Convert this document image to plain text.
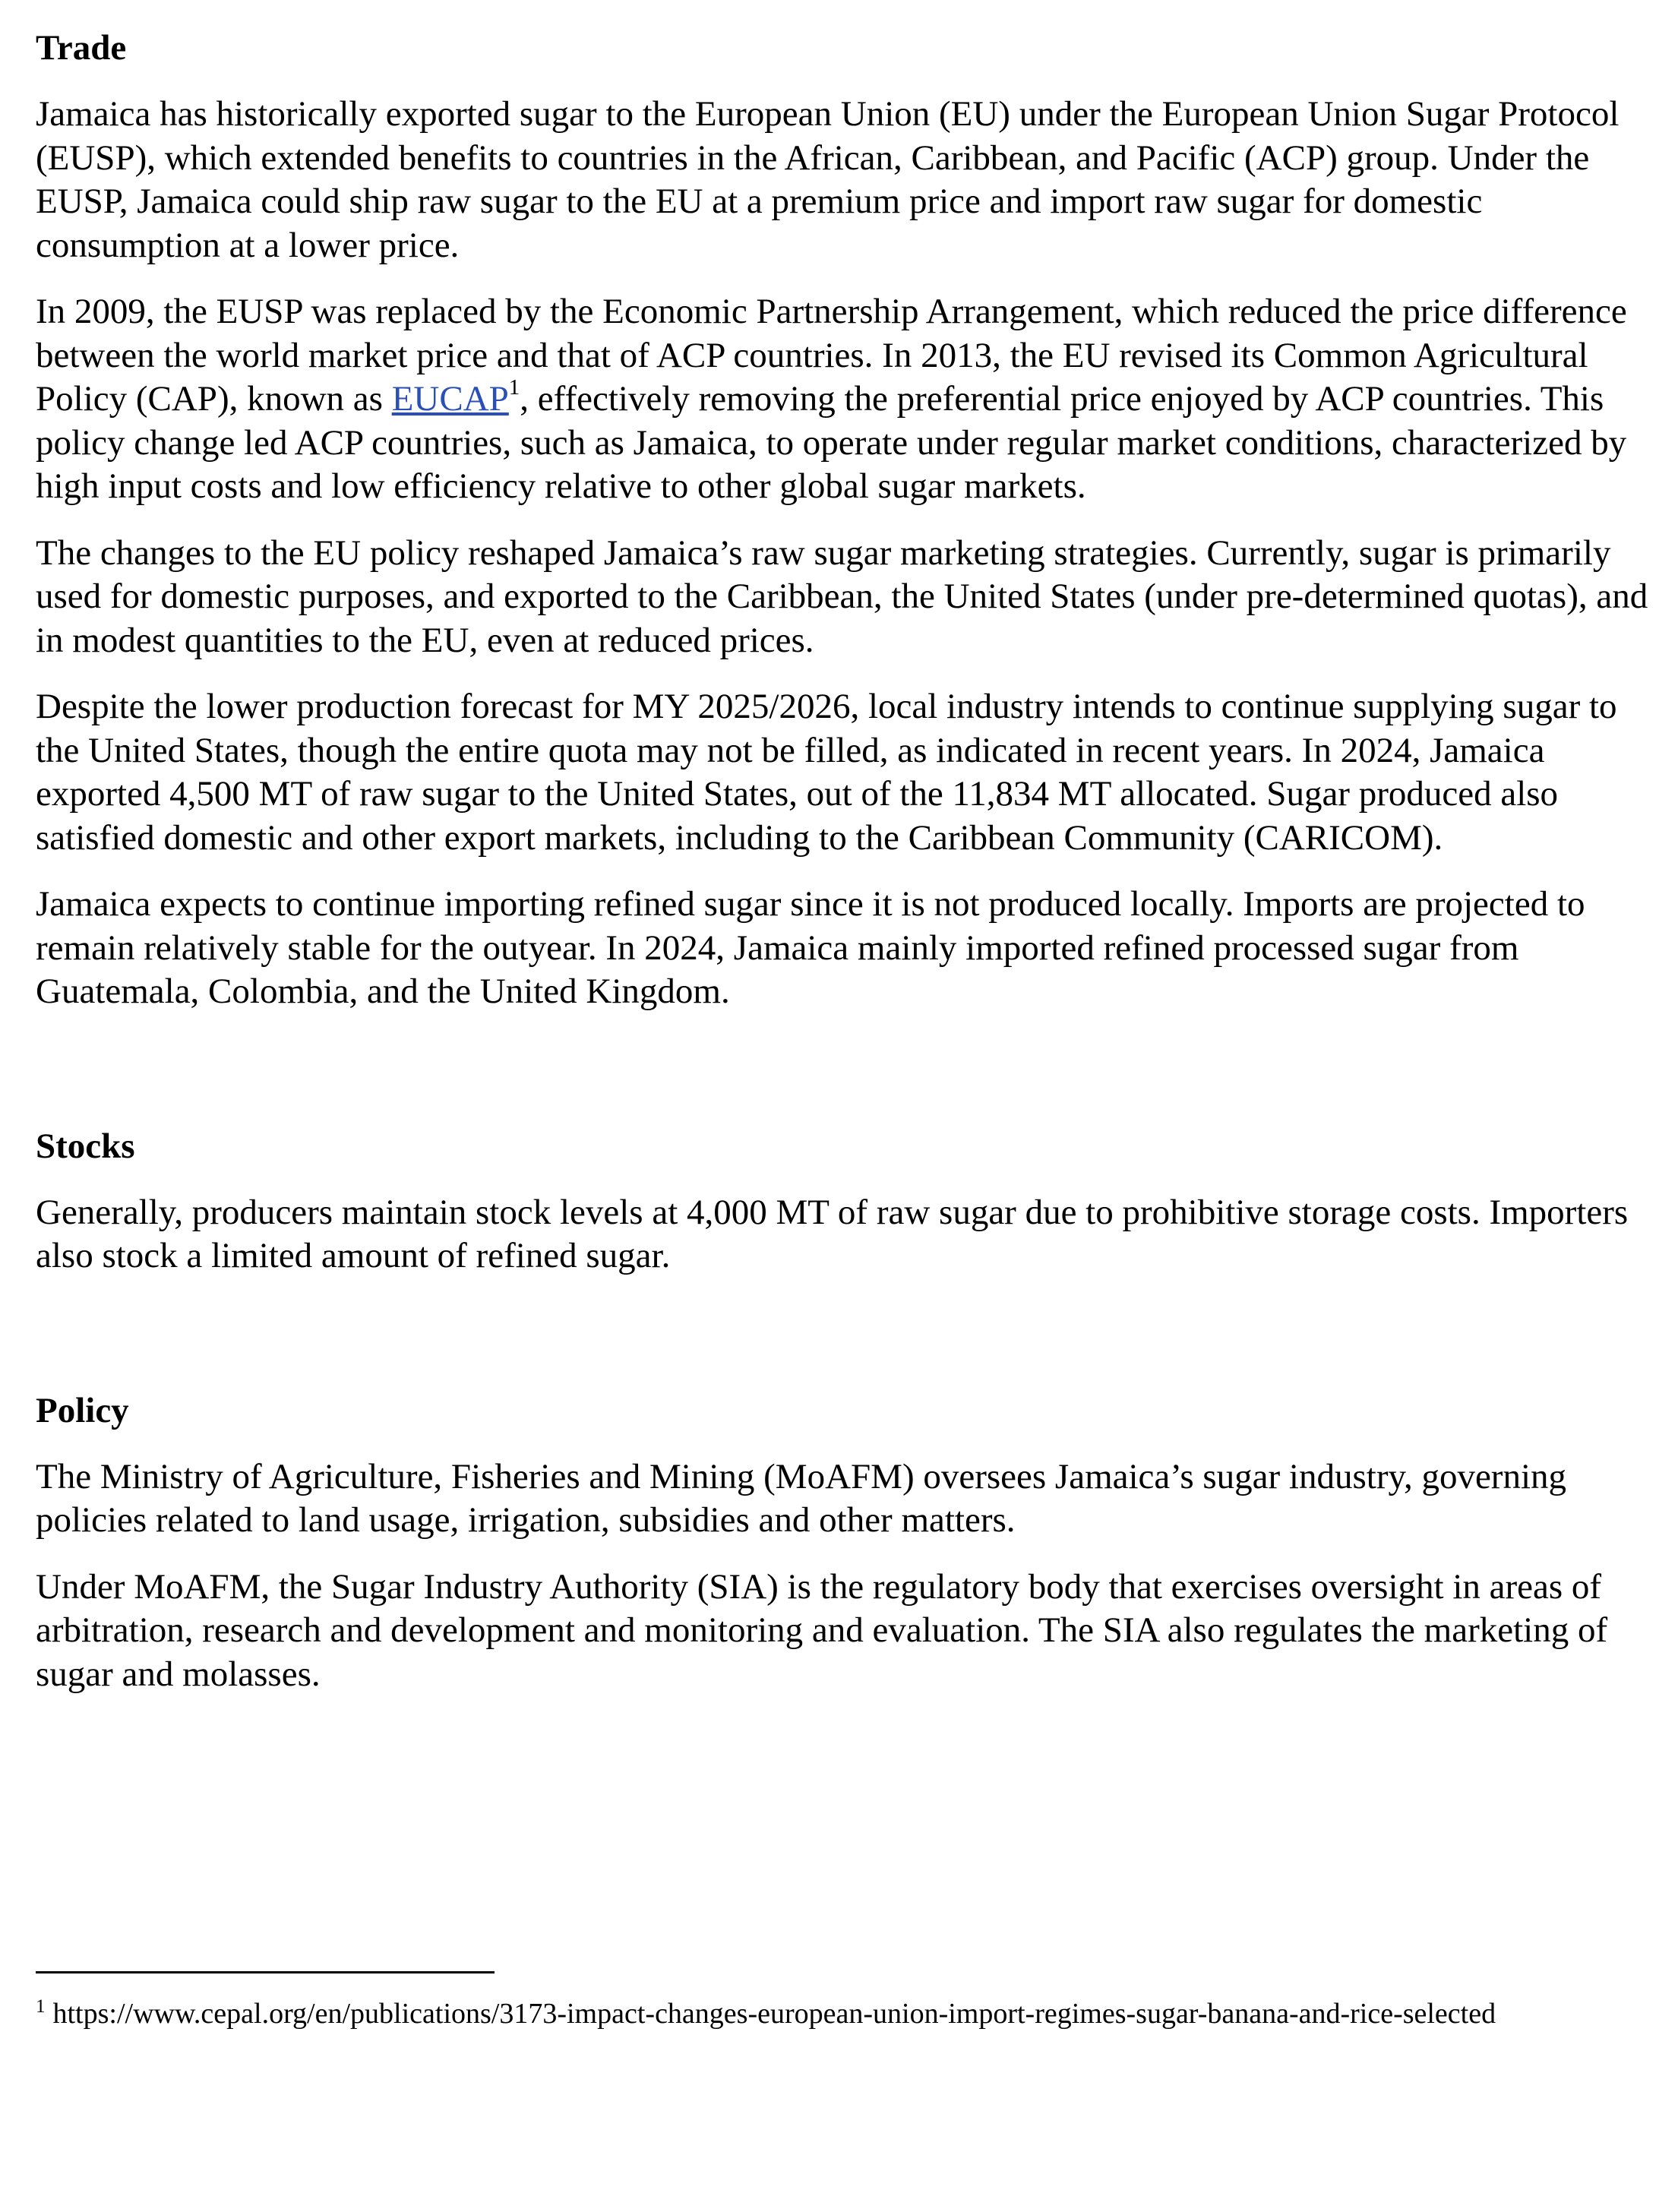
Trade

Jamaica has historically exported sugar to the European Union (EU) under the European Union Sugar Protocol (EUSP), which extended benefits to countries in the African, Caribbean, and Pacific (ACP) group. Under the EUSP, Jamaica could ship raw sugar to the EU at a premium price and import raw sugar for domestic consumption at a lower price.

In 2009, the EUSP was replaced by the Economic Partnership Arrangement, which reduced the price difference between the world market price and that of ACP countries. In 2013, the EU revised its Common Agricultural Policy (CAP), known as EUCAP$^1$, effectively removing the preferential price enjoyed by ACP countries. This policy change led ACP countries, such as Jamaica, to operate under regular market conditions, characterized by high input costs and low efficiency relative to other global sugar markets.

The changes to the EU policy reshaped Jamaica’s raw sugar marketing strategies. Currently, sugar is primarily used for domestic purposes, and exported to the Caribbean, the United States (under pre-determined quotas), and in modest quantities to the EU, even at reduced prices.

Despite the lower production forecast for MY 2025/2026, local industry intends to continue supplying sugar to the United States, though the entire quota may not be filled, as indicated in recent years. In 2024, Jamaica exported 4,500 MT of raw sugar to the United States, out of the 11,834 MT allocated. Sugar produced also satisfied domestic and other export markets, including to the Caribbean Community (CARICOM).

Jamaica expects to continue importing refined sugar since it is not produced locally. Imports are projected to remain relatively stable for the outyear. In 2024, Jamaica mainly imported refined processed sugar from Guatemala, Colombia, and the United Kingdom.

Stocks

Generally, producers maintain stock levels at 4,000 MT of raw sugar due to prohibitive storage costs. Importers also stock a limited amount of refined sugar.

Policy

The Ministry of Agriculture, Fisheries and Mining (MoAFM) oversees Jamaica’s sugar industry, governing policies related to land usage, irrigation, subsidies and other matters.

Under MoAFM, the Sugar Industry Authority (SIA) is the regulatory body that exercises oversight in areas of arbitration, research and development and monitoring and evaluation. The SIA also regulates the marketing of sugar and molasses.

$^1$ https://www.cepal.org/en/publications/3173-impact-changes-european-union-import-regimes-sugar-banana-and-rice-selected
